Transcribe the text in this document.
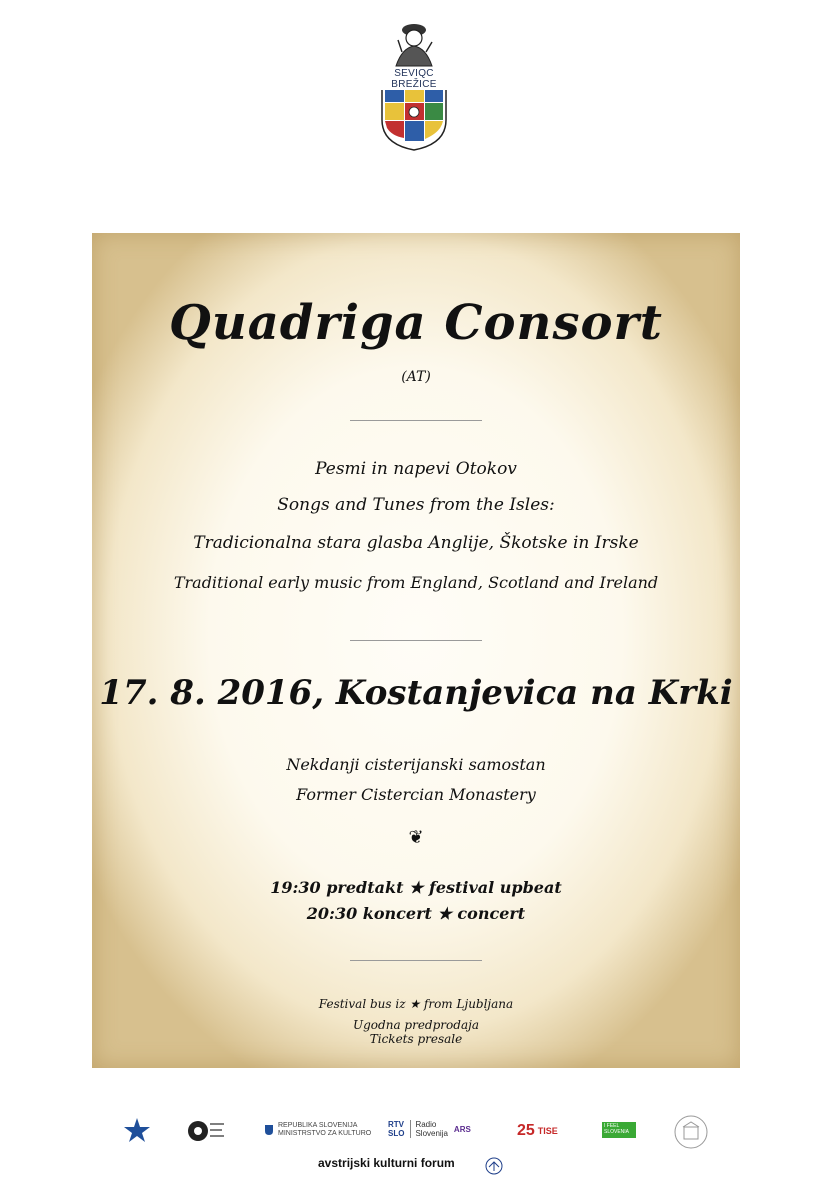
SEVIQC BREŽICE
Quadriga Consort
(AT)
Pesmi in napevi Otokov
Songs and Tunes from the Isles:
Tradicionalna stara glasba Anglije, Škotske in Irske
Traditional early music from England, Scotland and Ireland
17. 8. 2016, Kostanjevica na Krki
Nekdanji cisterijanski samostan
Former Cistercian Monastery
❦
19:30 predtakt ★ festival upbeat
20:30 koncert ★ concert
Festival bus iz ★ from Ljubljana
Ugodna predprodaja
Tickets presale
REPUBLIKA SLOVENIJA
MINISTRSTVO ZA KULTURO
RTV
SLO
Radio
Slovenija ARS	25 TISE	I FEEL
SLOVENIA
avstrijski kulturni forum
